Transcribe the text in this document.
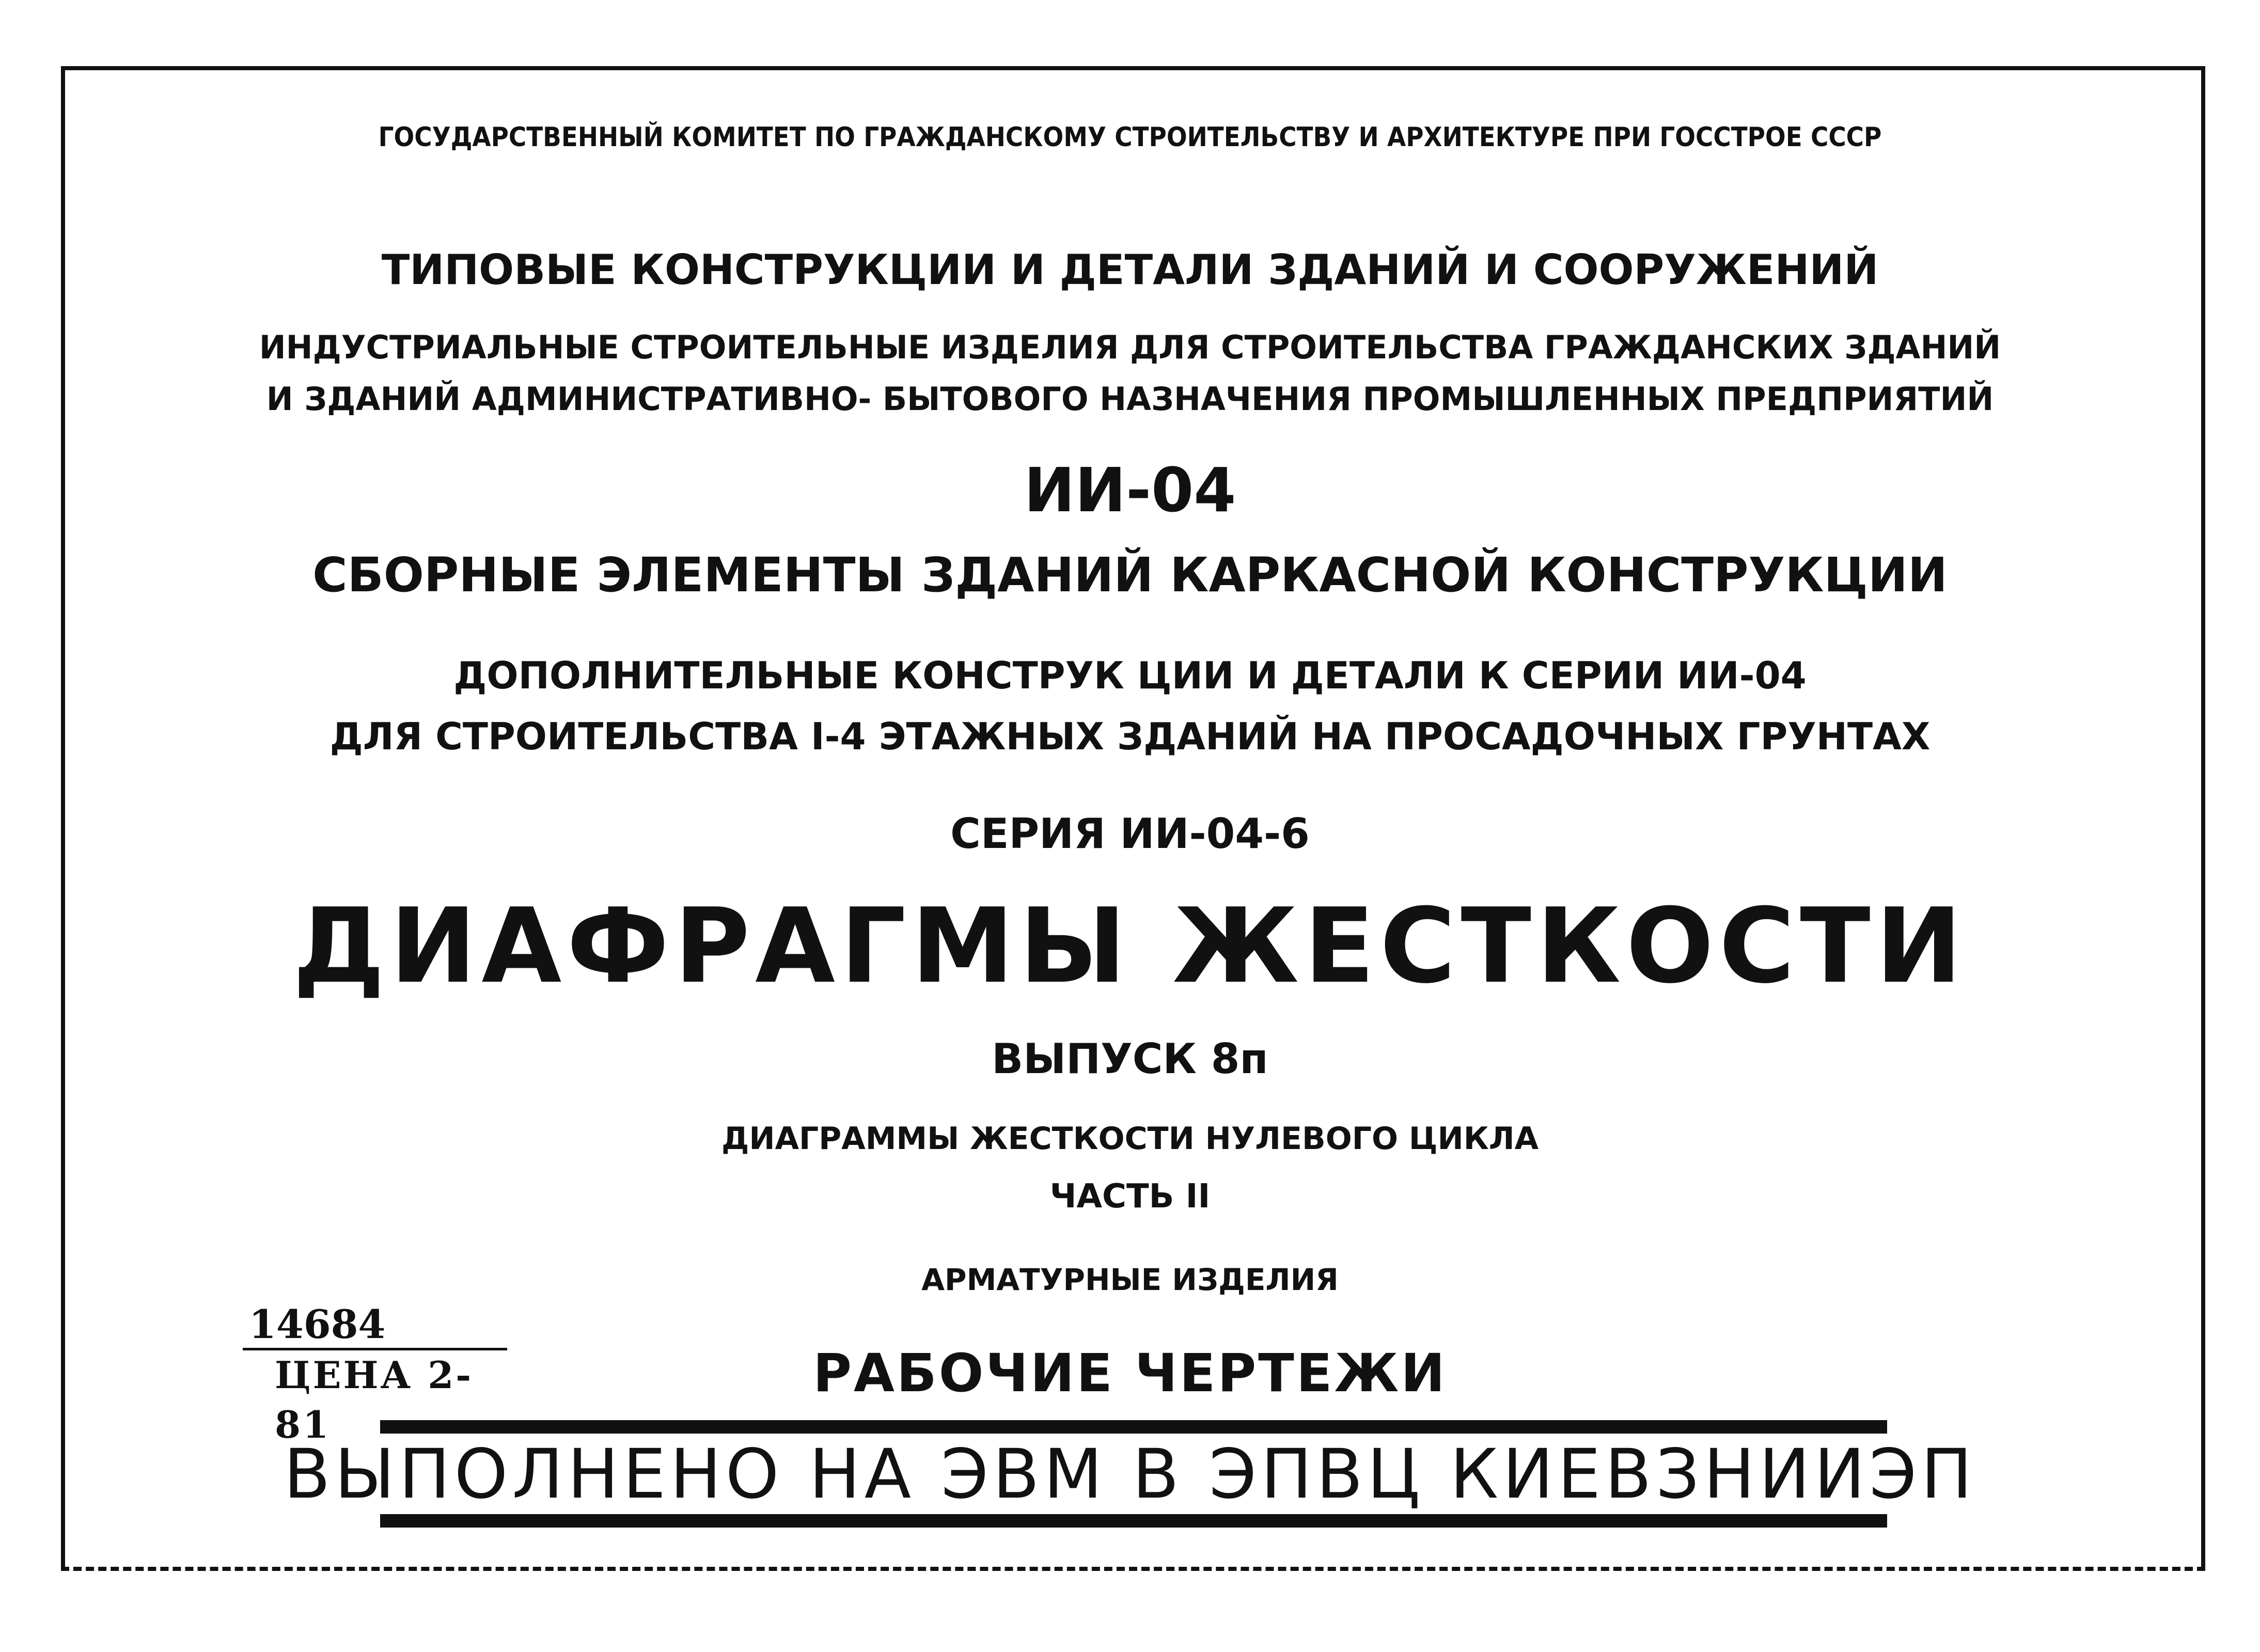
ГОСУДАРСТВЕННЫЙ КОМИТЕТ ПО ГРАЖДАНСКОМУ СТРОИТЕЛЬСТВУ И АРХИТЕКТУРЕ ПРИ ГОССТРОЕ СССР
ТИПОВЫЕ КОНСТРУКЦИИ И ДЕТАЛИ ЗДАНИЙ И СООРУЖЕНИЙ
ИНДУСТРИАЛЬНЫЕ СТРОИТЕЛЬНЫЕ ИЗДЕЛИЯ ДЛЯ СТРОИТЕЛЬСТВА ГРАЖДАНСКИХ ЗДАНИЙ
И ЗДАНИЙ АДМИНИСТРАТИВНО- БЫТОВОГО НАЗНАЧЕНИЯ ПРОМЫШЛЕННЫХ ПРЕДПРИЯТИЙ
ИИ-04
СБОРНЫЕ ЭЛЕМЕНТЫ ЗДАНИЙ КАРКАСНОЙ КОНСТРУКЦИИ
ДОПОЛНИТЕЛЬНЫЕ КОНСТРУК ЦИИ И ДЕТАЛИ К СЕРИИ ИИ-04
ДЛЯ СТРОИТЕЛЬСТВА I-4 ЭТАЖНЫХ ЗДАНИЙ НА ПРОСАДОЧНЫХ ГРУНТАХ
СЕРИЯ ИИ-04-6
ДИАФРАГМЫ ЖЕСТКОСТИ
ВЫПУСК 8п
ДИАГРАММЫ ЖЕСТКОСТИ НУЛЕВОГО ЦИКЛА
ЧАСТЬ II
АРМАТУРНЫЕ ИЗДЕЛИЯ
РАБОЧИЕ ЧЕРТЕЖИ
14684
ЦЕНА 2-81
ВЫПОЛНЕНО НА ЭВМ В ЭПВЦ КИЕВЗНИИЭП
